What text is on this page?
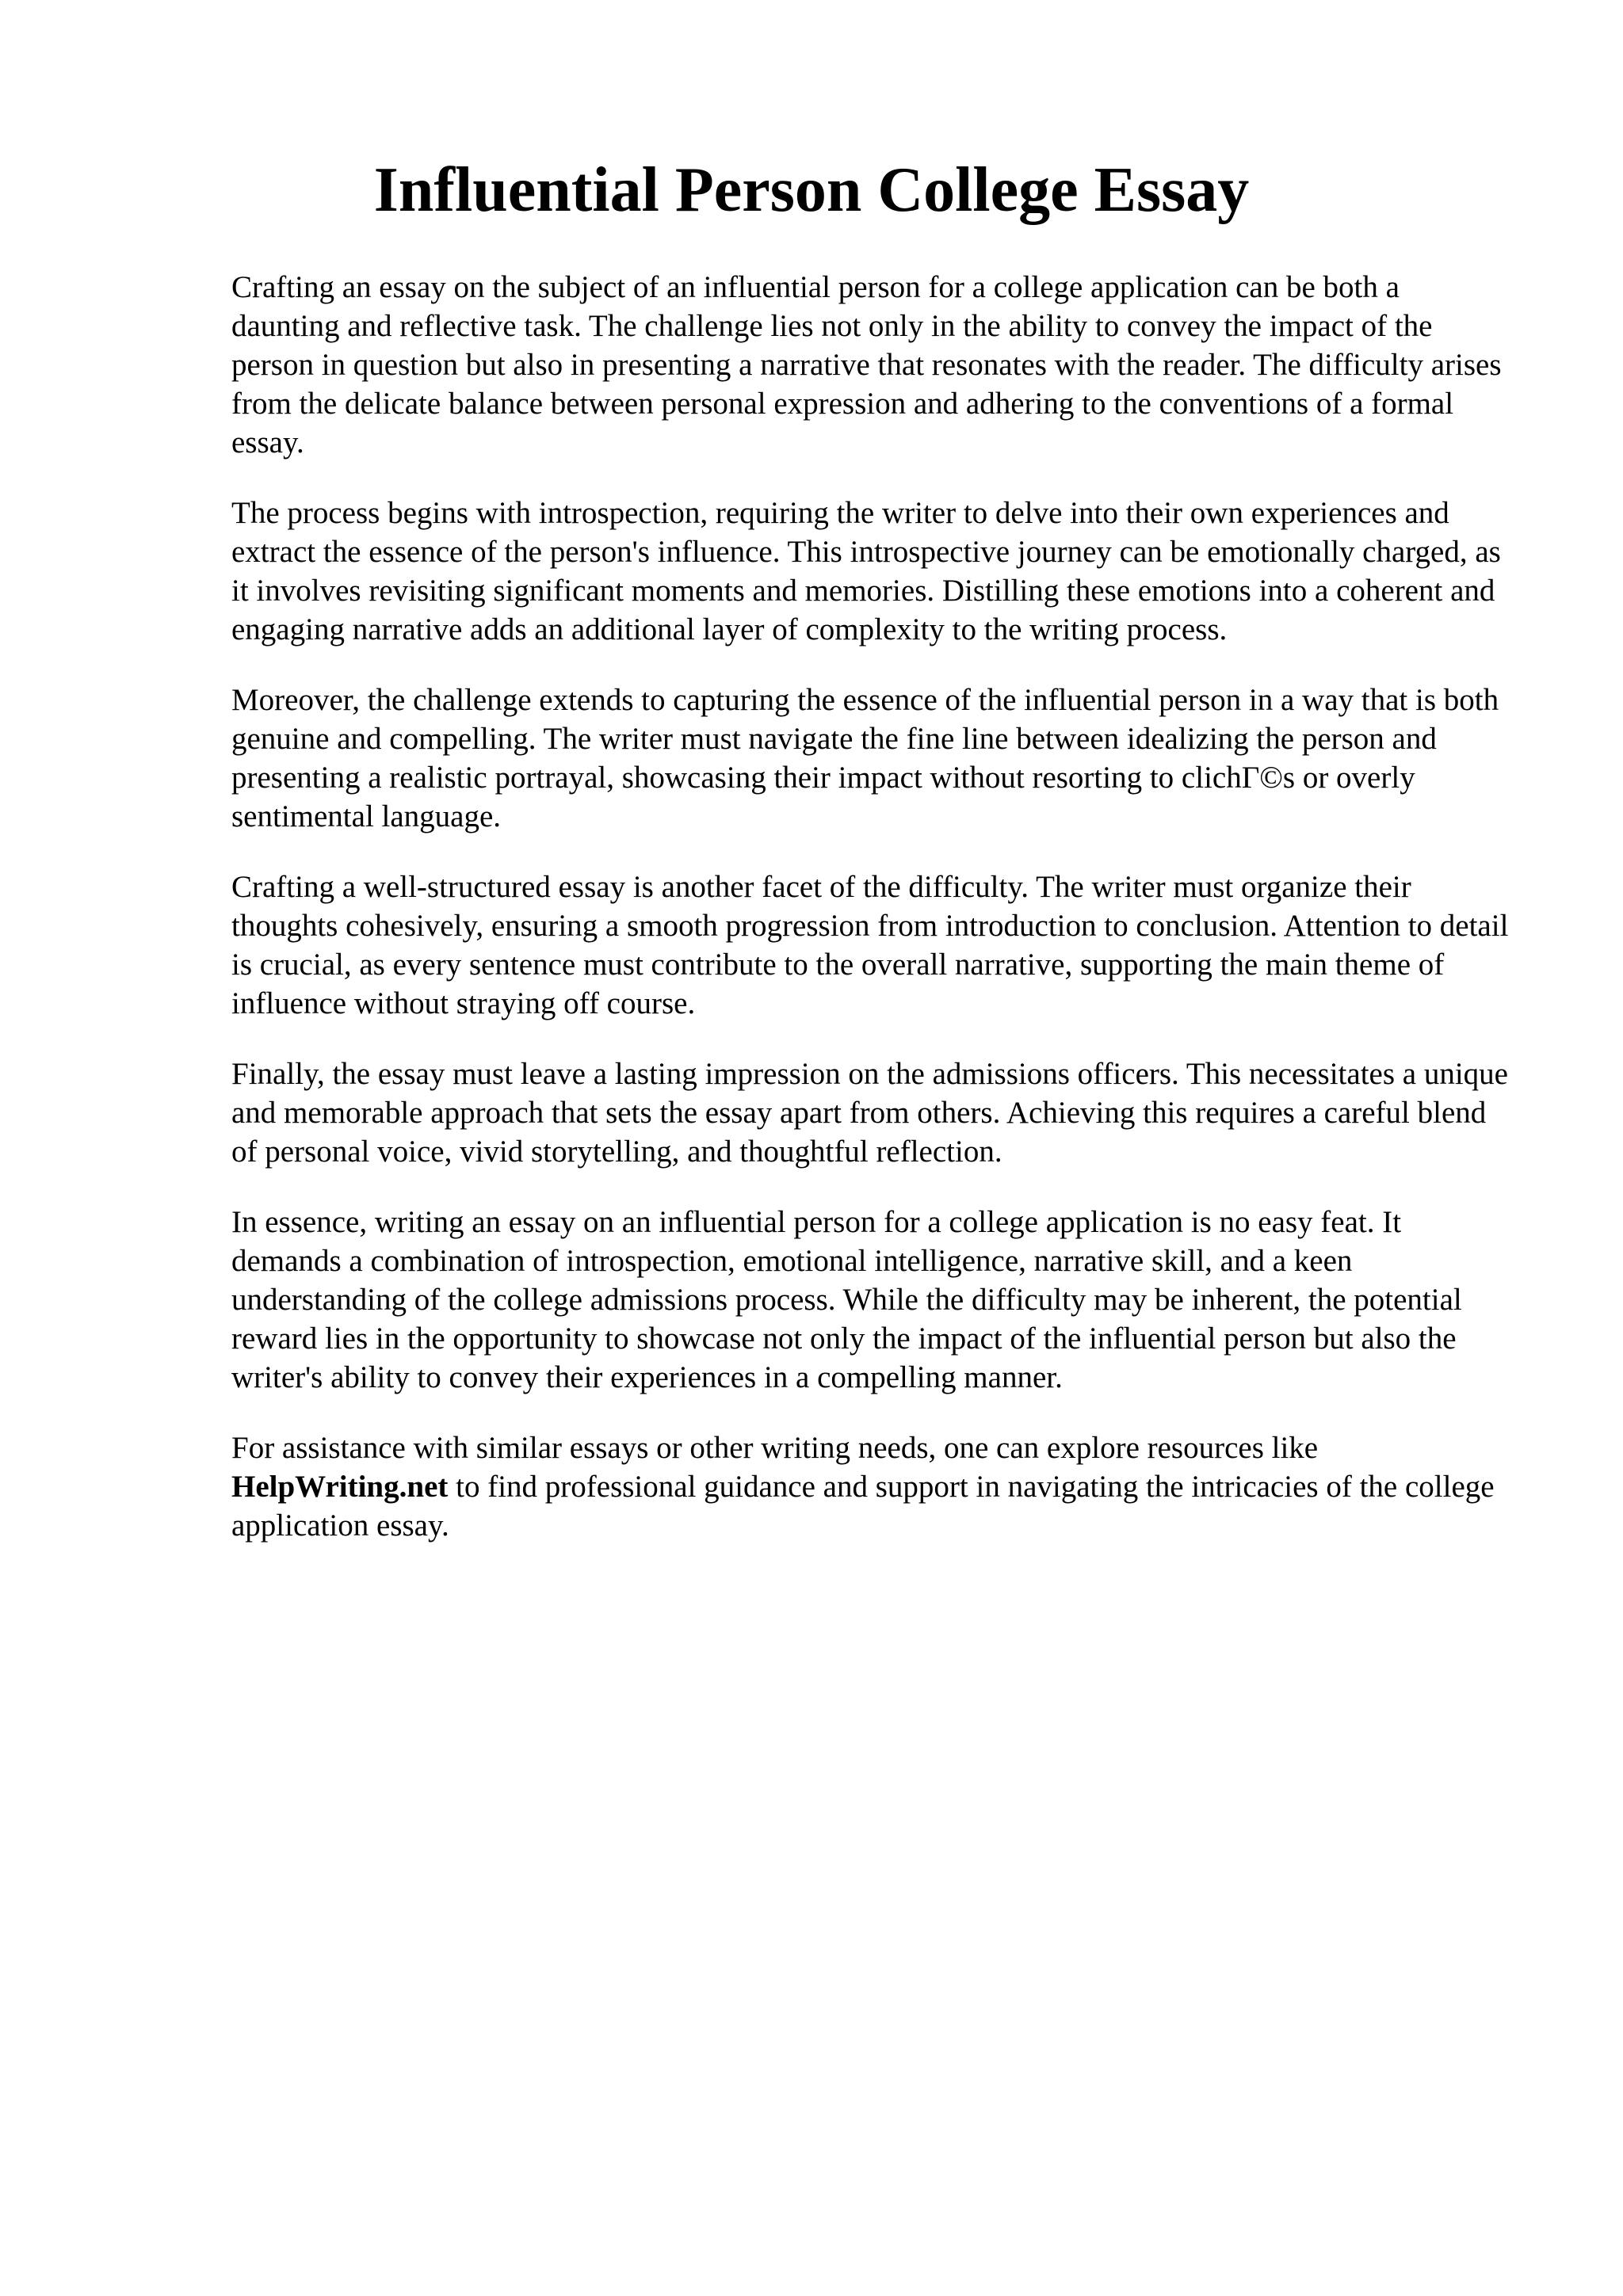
Influential Person College Essay

Crafting an essay on the subject of an influential person for a college application can be both a daunting and reflective task. The challenge lies not only in the ability to convey the impact of the person in question but also in presenting a narrative that resonates with the reader. The difficulty arises from the delicate balance between personal expression and adhering to the conventions of a formal essay.

The process begins with introspection, requiring the writer to delve into their own experiences and extract the essence of the person's influence. This introspective journey can be emotionally charged, as it involves revisiting significant moments and memories. Distilling these emotions into a coherent and engaging narrative adds an additional layer of complexity to the writing process.

Moreover, the challenge extends to capturing the essence of the influential person in a way that is both genuine and compelling. The writer must navigate the fine line between idealizing the person and presenting a realistic portrayal, showcasing their impact without resorting to clichΓ©s or overly sentimental language.

Crafting a well-structured essay is another facet of the difficulty. The writer must organize their thoughts cohesively, ensuring a smooth progression from introduction to conclusion. Attention to detail is crucial, as every sentence must contribute to the overall narrative, supporting the main theme of influence without straying off course.

Finally, the essay must leave a lasting impression on the admissions officers. This necessitates a unique and memorable approach that sets the essay apart from others. Achieving this requires a careful blend of personal voice, vivid storytelling, and thoughtful reflection.

In essence, writing an essay on an influential person for a college application is no easy feat. It demands a combination of introspection, emotional intelligence, narrative skill, and a keen understanding of the college admissions process. While the difficulty may be inherent, the potential reward lies in the opportunity to showcase not only the impact of the influential person but also the writer's ability to convey their experiences in a compelling manner.

For assistance with similar essays or other writing needs, one can explore resources like HelpWriting.net to find professional guidance and support in navigating the intricacies of the college application essay.
